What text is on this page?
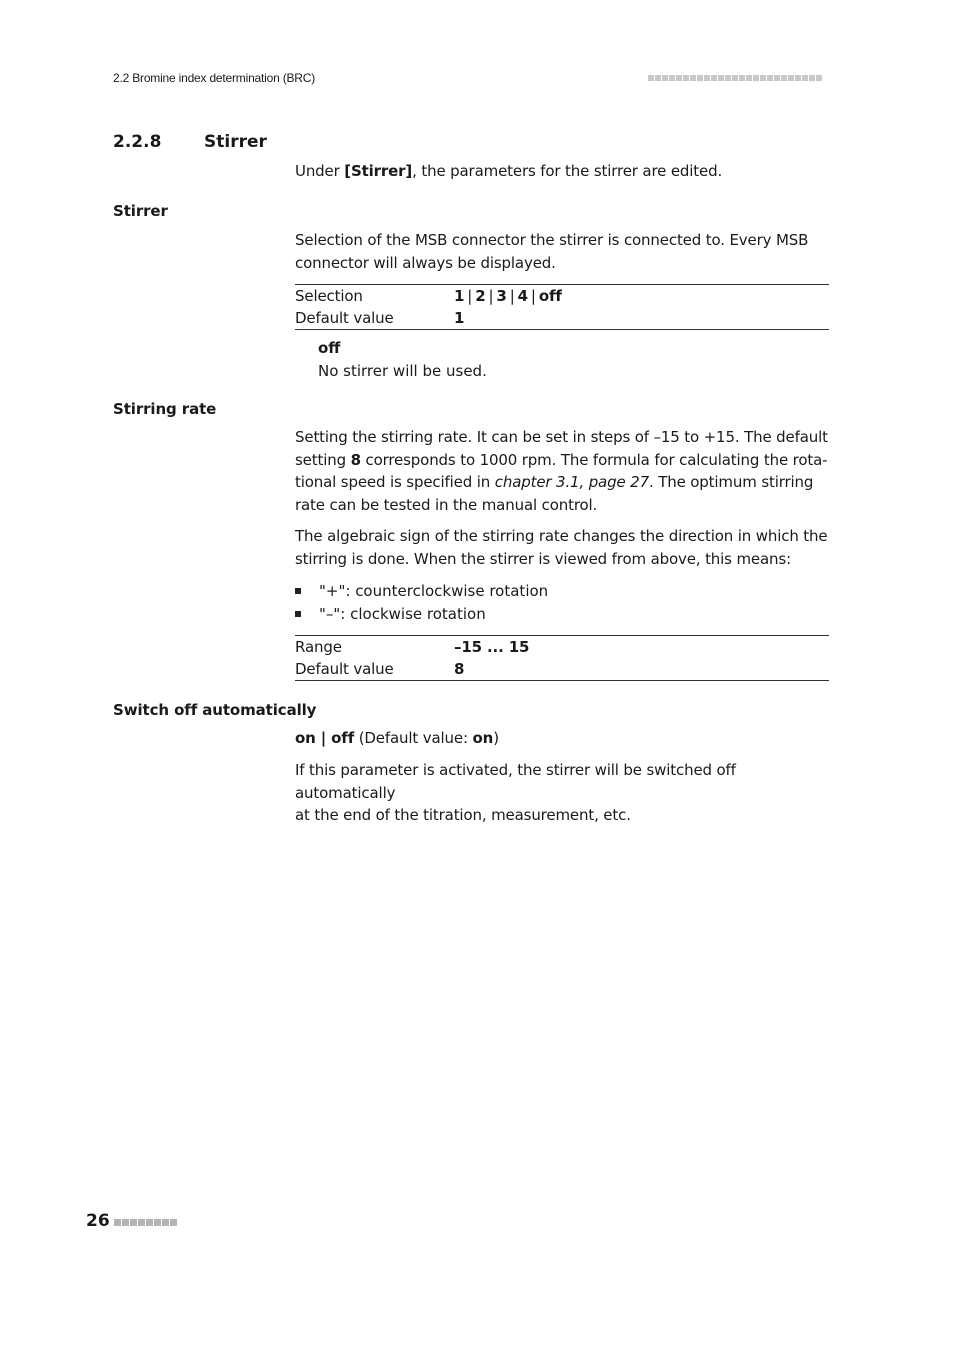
2.2 Bromine index determination (BRC)
2.2.8	Stirrer
Under [Stirrer], the parameters for the stirrer are edited.
Stirrer
Selection of the MSB connector the stirrer is connected to. Every MSB
connector will always be displayed.
Selection	1 | 2 | 3 | 4 | off
Default value	1
off
No stirrer will be used.
Stirring rate
Setting the stirring rate. It can be set in steps of –15 to +15. The default
setting 8 corresponds to 1000 rpm. The formula for calculating the rota-
tional speed is specified in chapter 3.1, page 27. The optimum stirring
rate can be tested in the manual control.
The algebraic sign of the stirring rate changes the direction in which the
stirring is done. When the stirrer is viewed from above, this means:
"+": counterclockwise rotation
"–": clockwise rotation
Range	–15 ... 15
Default value	8
Switch off automatically
on | off (Default value: on)
If this parameter is activated, the stirrer will be switched off automatically
at the end of the titration, measurement, etc.
26
